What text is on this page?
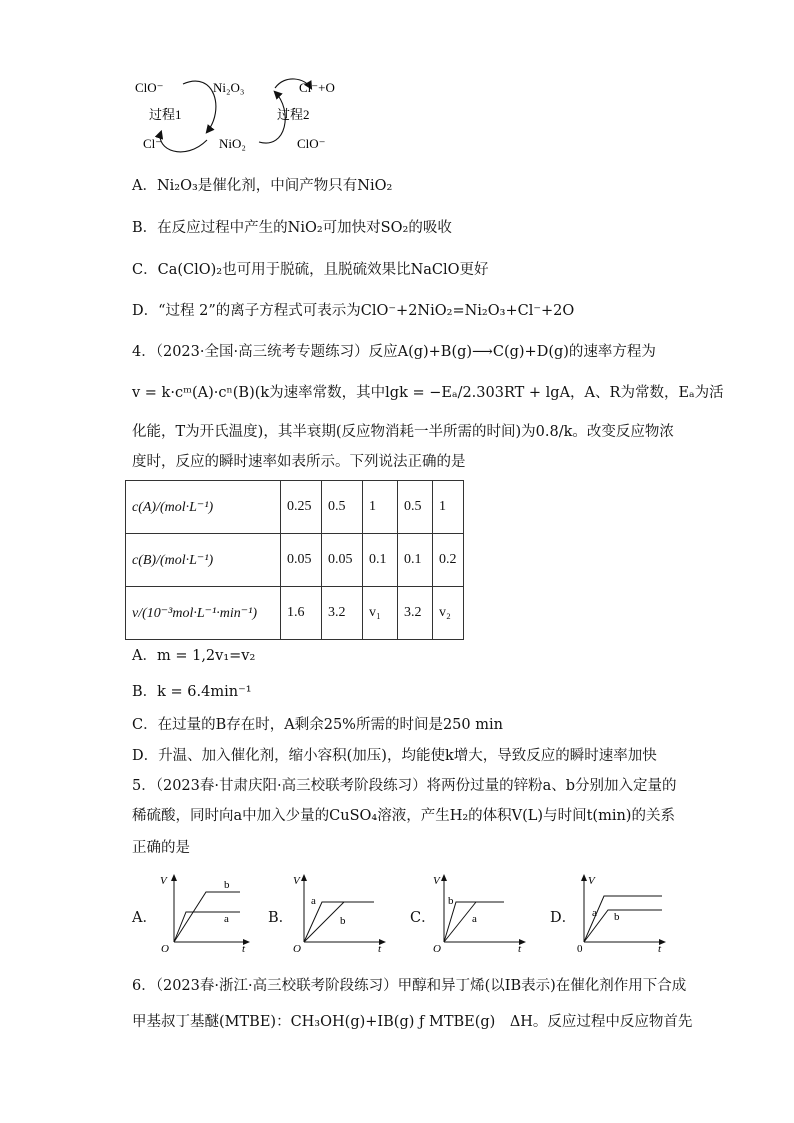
ClO⁻
过程1
Cl⁻
Ni₂O₃
NiO₂
Cl⁻+O
过程2
ClO⁻
A．Ni₂O₃是催化剂，中间产物只有NiO₂
B．在反应过程中产生的NiO₂可加快对SO₂的吸收
C．Ca(ClO)₂也可用于脱硫，且脱硫效果比NaClO更好
D．“过程 2”的离子方程式可表示为ClO⁻+2NiO₂=Ni₂O₃+Cl⁻+2O
4．（2023·全国·高三统考专题练习）反应A(g)+B(g)⟶C(g)+D(g)的速率方程为
v = k·cᵐ(A)·cⁿ(B)(k为速率常数，其中lgk = −Eₐ/2.303RT + lgA，A、R为常数，Eₐ为活
化能，T为开氏温度)，其半衰期(反应物消耗一半所需的时间)为0.8/k。改变反应物浓
度时，反应的瞬时速率如表所示。下列说法正确的是
c(A)/(mol·L⁻¹)	0.25	0.5	1	0.5	1
c(B)/(mol·L⁻¹)	0.05	0.05	0.1	0.1	0.2
v/(10⁻³mol·L⁻¹·min⁻¹)	1.6	3.2	v₁	3.2	v₂
A．m = 1,2v₁=v₂
B．k = 6.4min⁻¹
C．在过量的B存在时，A剩余25%所需的时间是250 min
D．升温、加入催化剂，缩小容积(加压)，均能使k增大，导致反应的瞬时速率加快
5．（2023春·甘肃庆阳·高三校联考阶段练习）将两份过量的锌粉a、b分别加入定量的
稀硫酸，同时向a中加入少量的CuSO₄溶液，产生H₂的体积V(L)与时间t(min)的关系
正确的是
A．
V
t
O
b
a	B．
V
t
O
a
b	C．
V
t
O
b
a	D．
V
t
0
a b
6．（2023春·浙江·高三校联考阶段练习）甲醇和异丁烯(以IB表示)在催化剂作用下合成
甲基叔丁基醚(MTBE)：CH₃OH(g)+IB(g) ƒ MTBE(g)　ΔH。反应过程中反应物首先
